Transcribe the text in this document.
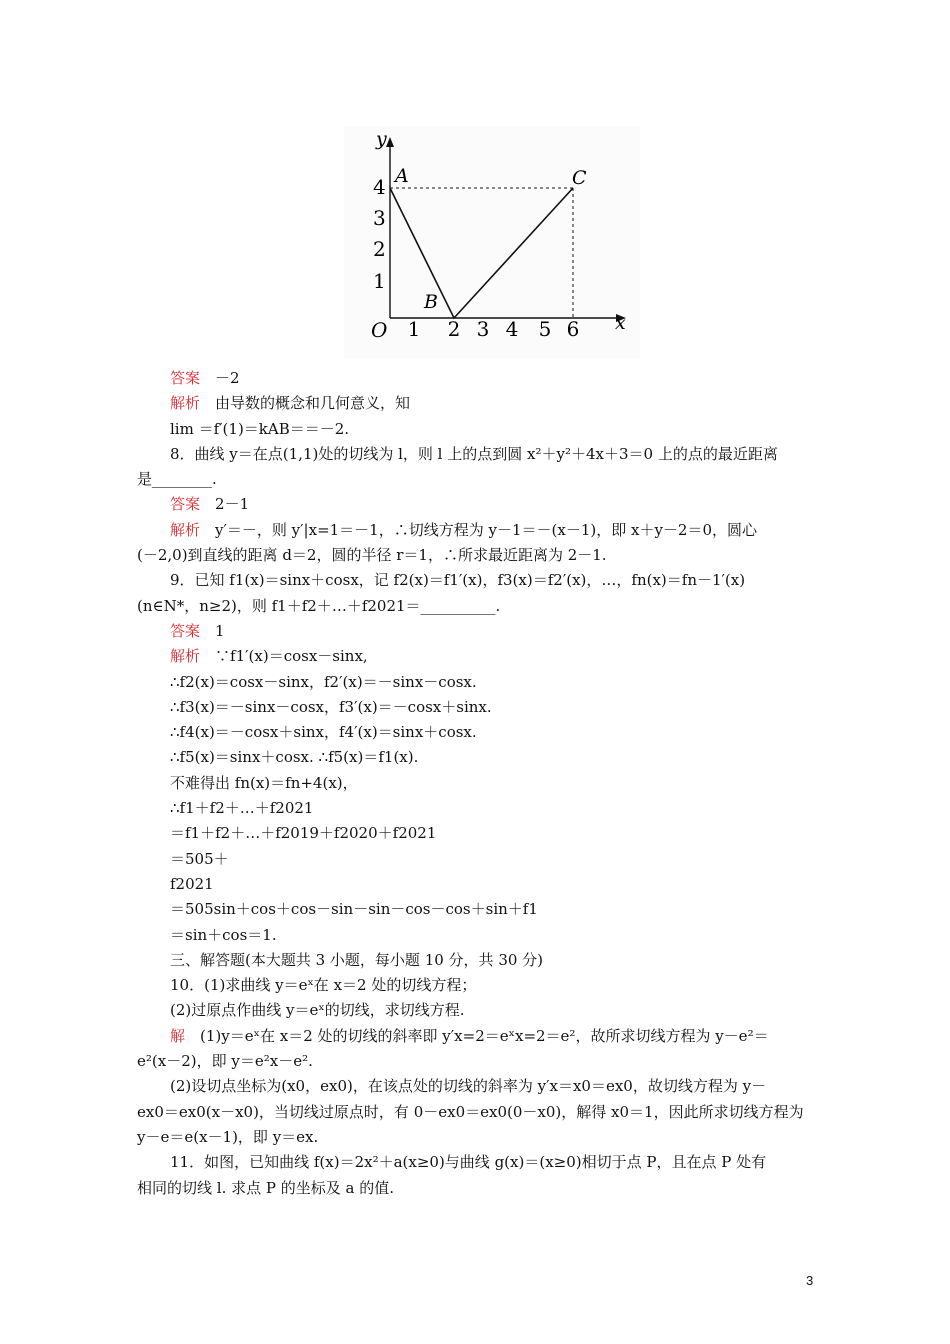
y
x
O 1 2 3 4 5 6
1
2
3
4 A
B
C
答案　 －2
解析　 由导数的概念和几何意义，知
lim ＝f′(1)＝kAB＝＝－2.
8．曲线 y＝在点(1,1)处的切线为 l，则 l 上的点到圆 x²＋y²＋4x＋3＝0 上的点的最近距离
是________.
答案　 2－1
解析　 y′＝－，则 y′|x=1＝－1，∴切线方程为 y－1＝－(x－1)，即 x＋y－2＝0，圆心
(－2,0)到直线的距离 d＝2，圆的半径 r＝1，∴所求最近距离为 2－1.
9．已知 f1(x)＝sinx＋cosx，记 f2(x)＝f1′(x)，f3(x)＝f2′(x)，…，fn(x)＝fn－1′(x)
(n∈N*，n≥2)，则 f1＋f2＋…＋f2021＝__________.
答案　 1
解析　 ∵f1′(x)＝cosx－sinx,
∴f2(x)＝cosx－sinx，f2′(x)＝－sinx－cosx.
∴f3(x)＝－sinx－cosx，f3′(x)＝－cosx＋sinx.
∴f4(x)＝－cosx＋sinx，f4′(x)＝sinx＋cosx.
∴f5(x)＝sinx＋cosx. ∴f5(x)＝f1(x).
不难得出 fn(x)＝fn+4(x)，
∴f1＋f2＋…＋f2021
＝f1＋f2＋…＋f2019＋f2020＋f2021
＝505＋
f2021
＝505sin＋cos＋cos－sin－sin－cos－cos＋sin＋f1
＝sin＋cos＝1.
三、解答题(本大题共 3 小题，每小题 10 分，共 30 分)
10．(1)求曲线 y＝eˣ在 x＝2 处的切线方程；
(2)过原点作曲线 y＝eˣ的切线，求切线方程.
解　 (1)y＝eˣ在 x＝2 处的切线的斜率即 y′x=2＝eˣx=2＝e²，故所求切线方程为 y－e²＝
e²(x－2)，即 y＝e²x－e².
(2)设切点坐标为(x0，ex0)，在该点处的切线的斜率为 y′x＝x0＝ex0，故切线方程为 y－
ex0＝ex0(x－x0)，当切线过原点时，有 0－ex0＝ex0(0－x0)，解得 x0＝1，因此所求切线方程为
y－e＝e(x－1)，即 y＝ex.
11．如图，已知曲线 f(x)＝2x²＋a(x≥0)与曲线 g(x)＝(x≥0)相切于点 P，且在点 P 处有
相同的切线 l. 求点 P 的坐标及 a 的值.
3
